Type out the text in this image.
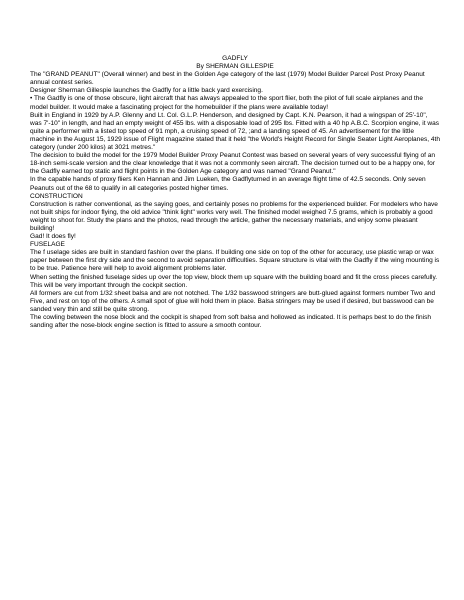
GADFLY

By SHERMAN GILLESPIE

The "GRAND PEANUT" (Overall winner) and best in the Golden Age category of the last (1979) Model Builder Parcel Post Proxy Peanut annual contest series.

Designer Sherman Gillespie launches the Gadfly for a little back yard exercising.

• The Gadfly is one of those obscure, light aircraft that has always appealed to the sport flier, both the pilot of full scale airplanes and the model builder. It would make a fascinating project for the homebuilder if the plans were available today!

Built in England in 1929 by A.P. Glenny and Lt. Col. G.L.P. Henderson, and designed by Capt. K.N. Pearson, it had a wingspan of 25'-10", was 7'-10" in length, and had an empty weight of 455 lbs. with a disposable load of 295 lbs. Fitted with a 40 hp A.B.C. Scorpion engine, it was quite a performer with a listed top speed of 91 mph, a cruising speed of 72, ;and a landing speed of 45. An advertisement for the little machine in the August 15, 1929 issue of Flight magazine stated that it held "the World's Height Record for Single Seater Light Aeroplanes, 4th category (under 200 kilos) at 3021 metres."

The decision to build the model for the 1979 Model Builder Proxy Peanut Contest was based on several years of very successful flying of an 18-inch semi-scale version and the clear knowledge that it was not a commonly seen aircraft. The decision turned out to be a happy one, for the Gadfly earned top static and flight points in the Golden Age category and was named "Grand Peanut."

In the capable hands of proxy fliers Ken Hannan and Jim Lueken, the Gadflyturned in an average flight time of 42.5 seconds. Only seven Peanuts out of the 68 to qualify in all categories posted higher times.

CONSTRUCTION

Construction is rather conventional, as the saying goes, and certainly poses no problems for the experienced builder. For modelers who have not built ships for indoor flying, the old advice "think light" works very well. The finished model weighed 7.5 grams, which is probably a good weight to shoot for. Study the plans and the photos, read through the article, gather the necessary materials, and enjoy some pleasant building!

Gad! It does fly!

FUSELAGE

The f uselage sides are built in standard fashion over the plans. If building one side on top of the other for accuracy, use plastic wrap or wax paper between the first dry side and the second to avoid separation difficulties. Square structure is vital with the Gadfly if the wing mounting is to be true. Patience here will help to avoid alignment problems later.

When setting the finished fuselage sides up over the top view, block them up square with the building board and fit the cross pieces carefully. This will be very important through the cockpit section.

All formers are cut from 1/32 sheet balsa and are not notched. The 1/32 basswood stringers are butt-glued against formers number Two and Five, and rest on top of the others. A small spot of glue will hold them in place. Balsa stringers may be used if desired, but basswood can be sanded very thin and still be quite strong.

The cowling between the nose block and the cockpit is shaped from soft balsa and hollowed as indicated. It is perhaps best to do the finish sanding after the nose-block engine section is fitted to assure a smooth contour.
